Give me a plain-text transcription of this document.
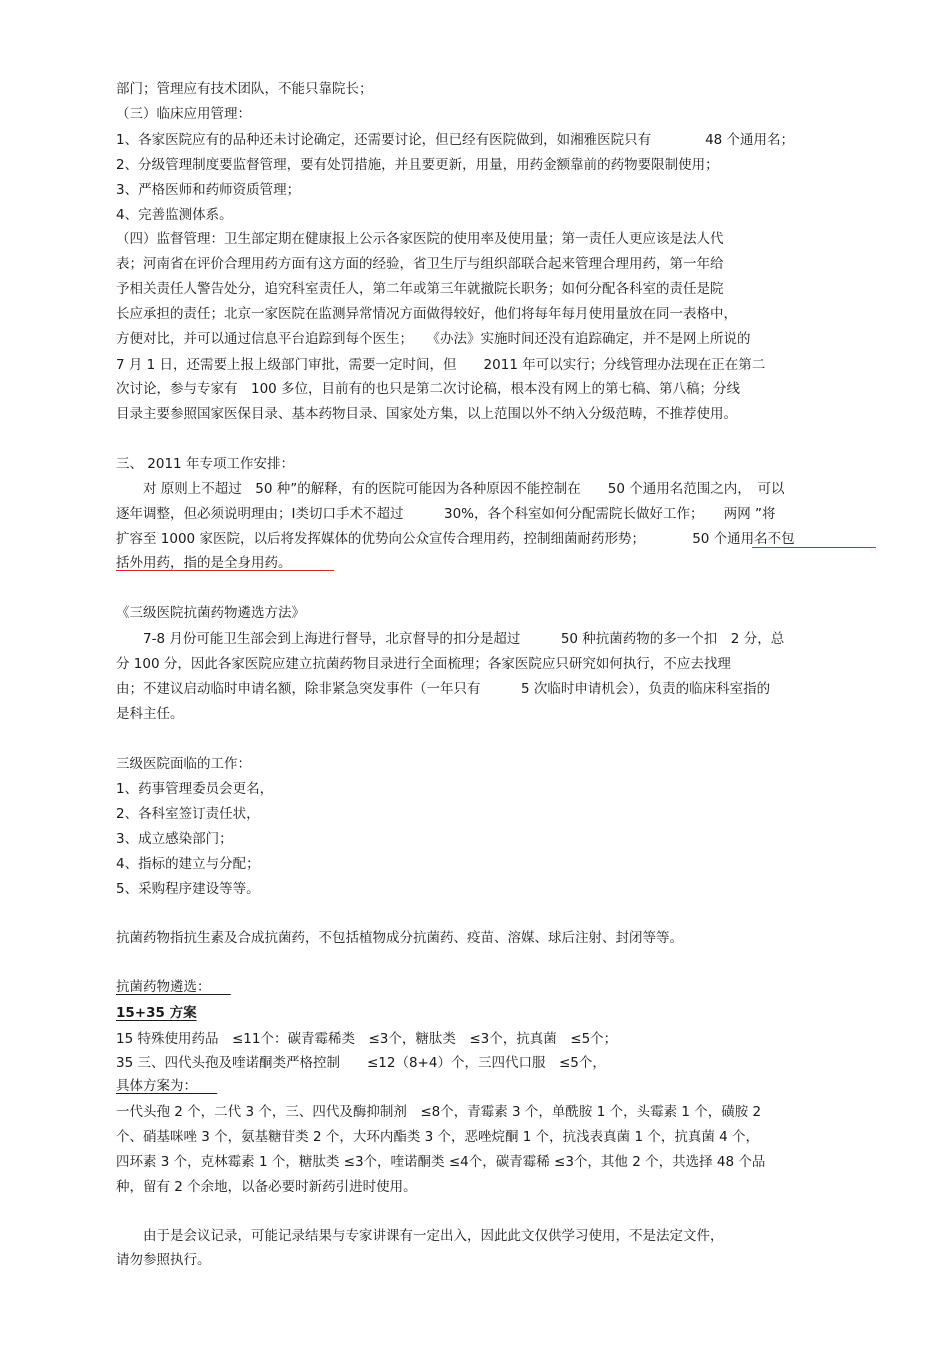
部门；管理应有技术团队，不能只靠院长；
（三）临床应用管理：
1、各家医院应有的品种还未讨论确定，还需要讨论，但已经有医院做到，如湘雅医院只有　　　　48 个通用名；
2、分级管理制度要监督管理，要有处罚措施，并且要更新，用量，用药金额靠前的药物要限制使用；
3、严格医师和药师资质管理；
4、完善监测体系。
（四）监督管理：卫生部定期在健康报上公示各家医院的使用率及使用量；第一责任人更应该是法人代
表；河南省在评价合理用药方面有这方面的经验，省卫生厅与组织部联合起来管理合理用药，第一年给
予相关责任人警告处分，追究科室责任人，第二年或第三年就撤院长职务；如何分配各科室的责任是院
长应承担的责任；北京一家医院在监测异常情况方面做得较好，他们将每年每月使用量放在同一表格中，
方便对比，并可以通过信息平台追踪到每个医生；　　《办法》实施时间还没有追踪确定，并不是网上所说的
7 月 1 日，还需要上报上级部门审批，需要一定时间，但　　2011 年可以实行；分线管理办法现在正在第二
次讨论，参与专家有　100 多位，目前有的也只是第二次讨论稿，根本没有网上的第七稿、第八稿；分线
目录主要参照国家医保目录、基本药物目录、国家处方集，以上范围以外不纳入分级范畴，不推荐使用。
三、 2011 年专项工作安排：
　　对 原则上不超过　50 种”的解释，有的医院可能因为各种原因不能控制在　　50 个通用名范围之内，　可以
逐年调整，但必须说明理由；Ⅰ类切口手术不超过　　　30%，各个科室如何分配需院长做好工作；　　两网 ”将
扩容至 1000 家医院，以后将发挥媒体的优势向公众宣传合理用药，控制细菌耐药形势；　　　　50 个通用名不包
括外用药，指的是全身用药。
《三级医院抗菌药物遴选方法》
　　7-8 月份可能卫生部会到上海进行督导，北京督导的扣分是超过　　　50 种抗菌药物的多一个扣　2 分，总
分 100 分，因此各家医院应建立抗菌药物目录进行全面梳理；各家医院应只研究如何执行，不应去找理
由；不建议启动临时申请名额，除非紧急突发事件（一年只有　　　5 次临时申请机会），负责的临床科室指的
是科主任。
三级医院面临的工作：
1、药事管理委员会更名，
2、各科室签订责任状，
3、成立感染部门；
4、指标的建立与分配；
5、采购程序建设等等。
抗菌药物指抗生素及合成抗菌药，不包括植物成分抗菌药、疫苗、溶媒、球后注射、封闭等等。
抗菌药物遴选：　　
15+35 方案
15 特殊使用药品　≤11个：碳青霉稀类　≤3个，糖肽类　≤3个，抗真菌　≤5个；
35 三、四代头孢及喹诺酮类严格控制　　≤12（8+4）个，三四代口服　≤5个，
具体方案为：　　
一代头孢 2 个，二代 3 个，三、四代及酶抑制剂　≤8个，青霉素 3 个，单酰胺 1 个，头霉素 1 个，磺胺 2
个、硝基咪唑 3 个，氨基糖苷类 2 个，大环内酯类 3 个，恶唑烷酮 1 个，抗浅表真菌 1 个，抗真菌 4 个，
四环素 3 个，克林霉素 1 个，糖肽类 ≤3个，喹诺酮类 ≤4个，碳青霉稀 ≤3个，其他 2 个，共选择 48 个品
种，留有 2 个余地，以备必要时新药引进时使用。
　　由于是会议记录，可能记录结果与专家讲课有一定出入，因此此文仅供学习使用，不是法定文件，
请勿参照执行。
